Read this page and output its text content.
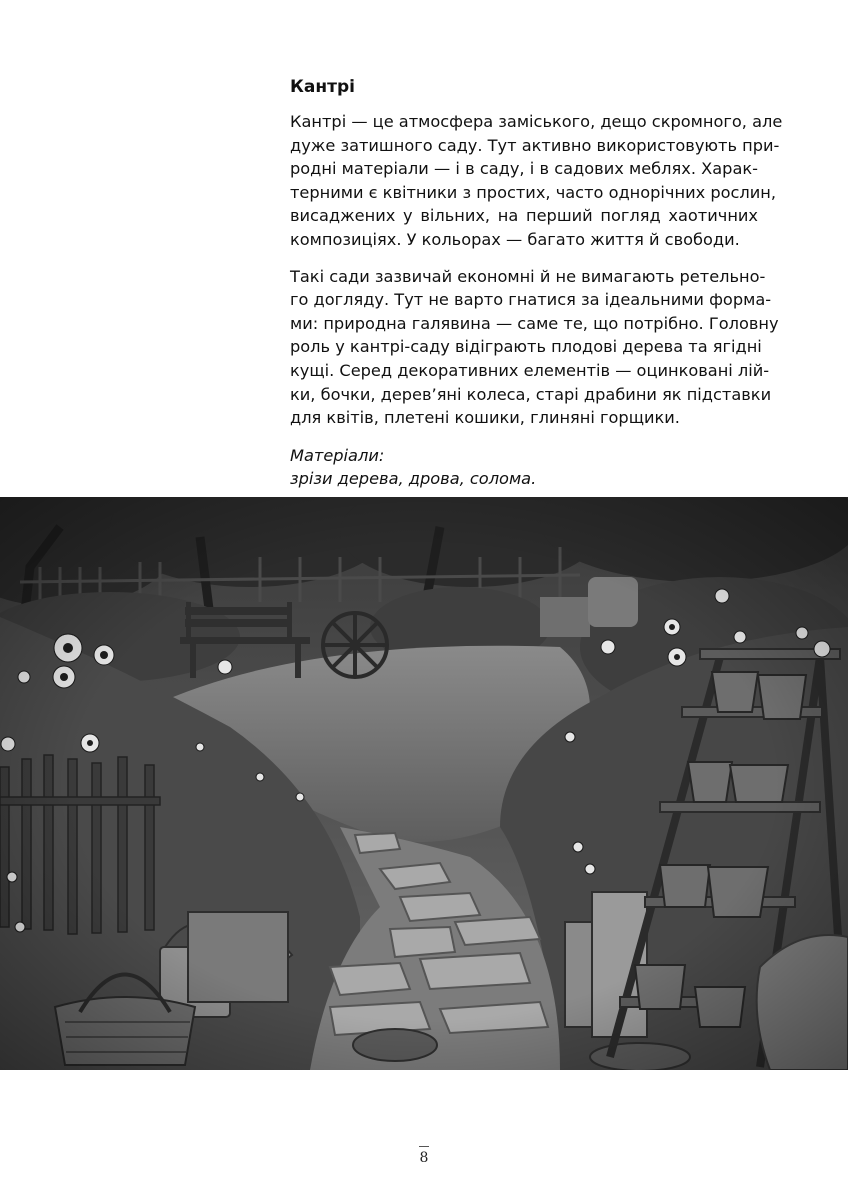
Кантрі
Кантрі — це атмосфера заміського, дещо скромного, але
дуже затишного саду. Тут активно використовують при-
родні матеріали — і в саду, і в садових меблях. Харак-
терними є квітники з простих, часто однорічних рослин,
висаджених у вільних, на перший погляд хаотичних
композиціях. У кольорах — багато життя й свободи.
Такі сади зазвичай економні й не вимагають ретельно-
го догляду. Тут не варто гнатися за ідеальними форма-
ми: природна галявина — саме те, що потрібно. Головну
роль у кантрі-саду відіграють плодові дерева та ягідні
кущі. Серед декоративних елементів — оцинковані лій-
ки, бочки, дерев’яні колеса, старі драбини як підставки
для квітів, плетені кошики, глиняні горщики.
Матеріали:
зрізи дерева, дрова, солома.
8
